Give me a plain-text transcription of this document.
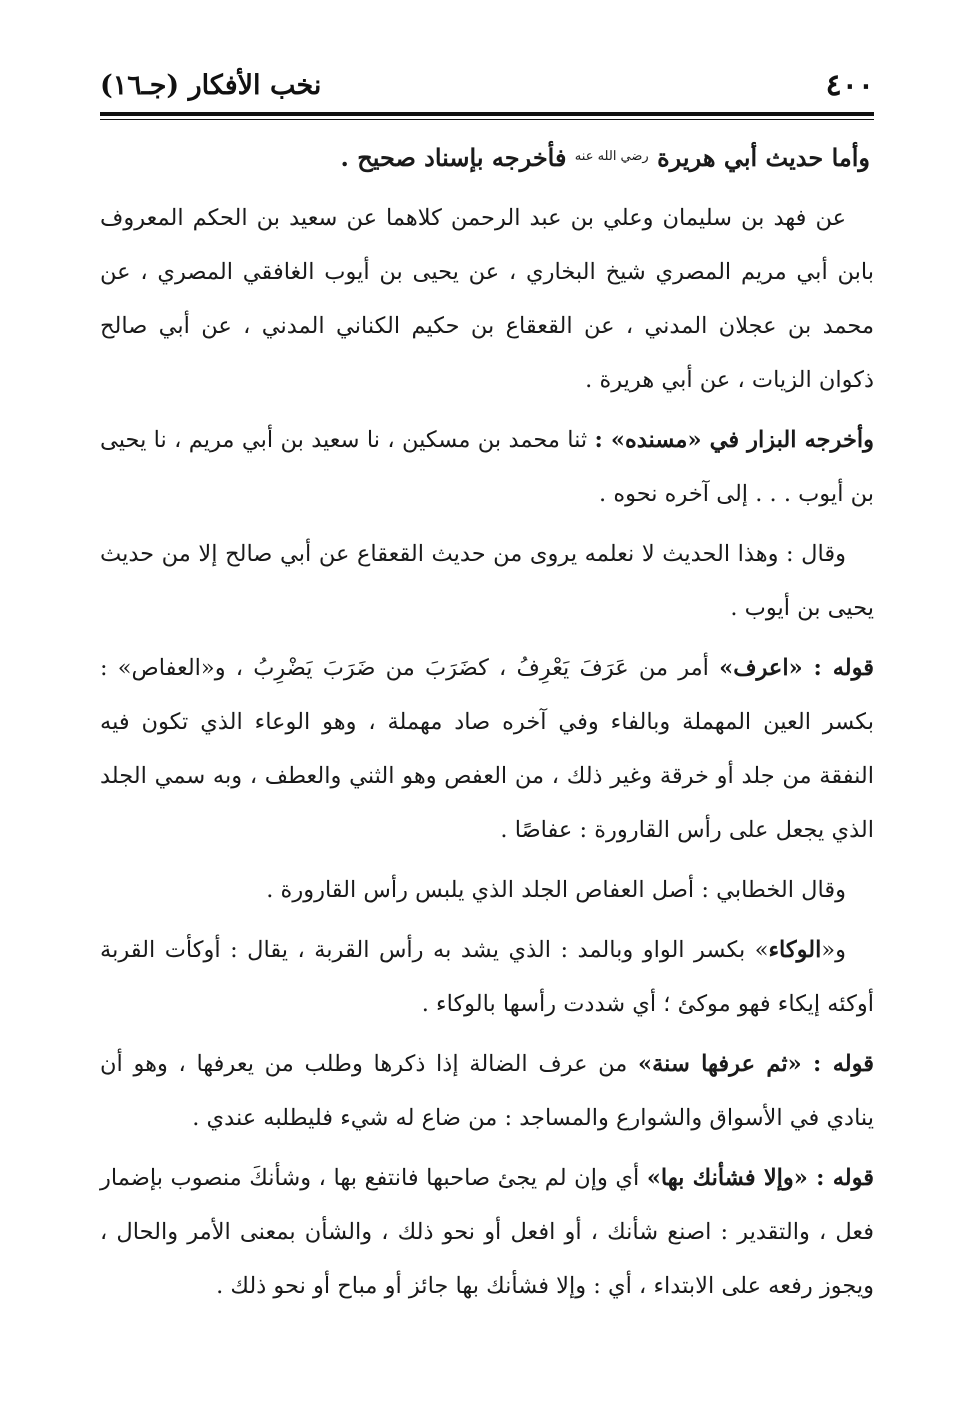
٤٠٠
نخب الأفكار (جـ١٦)

وأما حديث أبي هريرة $^{رضي الله عنه}$ فأخرجه بإسناد صحيح .

عن فهد بن سليمان وعلي بن عبد الرحمن كلاهما عن سعيد بن الحكم المعروف بابن أبي مريم المصري شيخ البخاري ، عن يحيى بن أيوب الغافقي المصري ، عن محمد بن عجلان المدني ، عن القعقاع بن حكيم الكناني المدني ، عن أبي صالح ذكوان الزيات ، عن أبي هريرة .

وأخرجه البزار في «مسنده» : ثنا محمد بن مسكين ، نا سعيد بن أبي مريم ، نا يحيى بن أيوب . . . إلى آخره نحوه .

وقال : وهذا الحديث لا نعلمه يروى من حديث القعقاع عن أبي صالح إلا من حديث يحيى بن أيوب .

قوله : «اعرف» أمر من عَرَفَ يَعْرِفُ ، كضَرَبَ من ضَرَبَ يَضْرِبُ ، و«العفاص» : بكسر العين المهملة وبالفاء وفي آخره صاد مهملة ، وهو الوعاء الذي تكون فيه النفقة من جلد أو خرقة وغير ذلك ، من العفص وهو الثني والعطف ، وبه سمي الجلد الذي يجعل على رأس القارورة : عفاصًا .

وقال الخطابي : أصل العفاص الجلد الذي يلبس رأس القارورة .

و«الوكاء» بكسر الواو وبالمد : الذي يشد به رأس القربة ، يقال : أوكأت القربة أوكئه إيكاء فهو موكئ ؛ أي شددت رأسها بالوكاء .

قوله : «ثم عرفها سنة» من عرف الضالة إذا ذكرها وطلب من يعرفها ، وهو أن ينادي في الأسواق والشوارع والمساجد : من ضاع له شيء فليطلبه عندي .

قوله : «وإلا فشأنك بها» أي وإن لم يجئ صاحبها فانتفع بها ، وشأنكَ منصوب بإضمار فعل ، والتقدير : اصنع شأنك ، أو افعل أو نحو ذلك ، والشأن بمعنى الأمر والحال ، ويجوز رفعه على الابتداء ، أي : وإلا فشأنك بها جائز أو مباح أو نحو ذلك .
